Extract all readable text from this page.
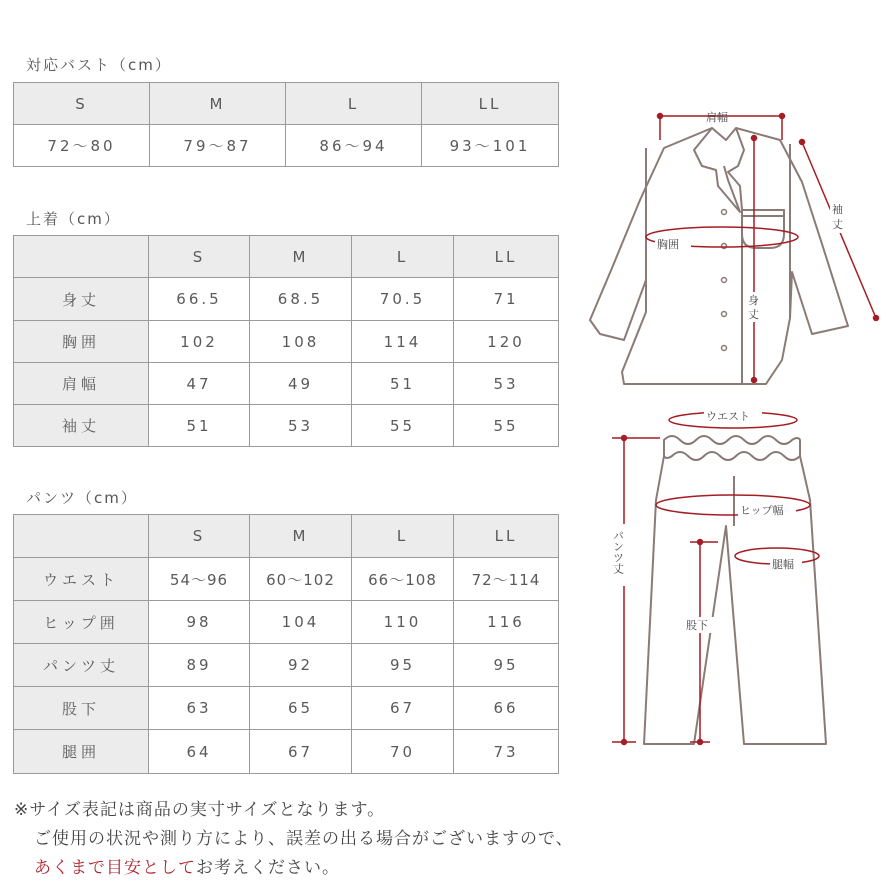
対応バスト（cm）
S	M	L	LL
72〜80	79〜87	86〜94	93〜101
上着（cm）
	S	M	L	LL
身丈	66.5	68.5	70.5	71
胸囲	102	108	114	120
肩幅	47	49	51	53
袖丈	51	53	55	55
パンツ（cm）
	S	M	L	LL
ウエスト	54〜96	60〜102	66〜108	72〜114
ヒップ囲	98	104	110	116
パンツ丈	89	92	95	95
股下	63	65	67	66
腿囲	64	67	70	73
肩幅
胸囲
身
丈
袖
丈
ウエスト
ヒップ幅
腿幅
股下
パンツ丈
※サイズ表記は商品の実寸サイズとなります。
ご使用の状況や測り方により、誤差の出る場合がございますので、
あくまで目安としてお考えください。
